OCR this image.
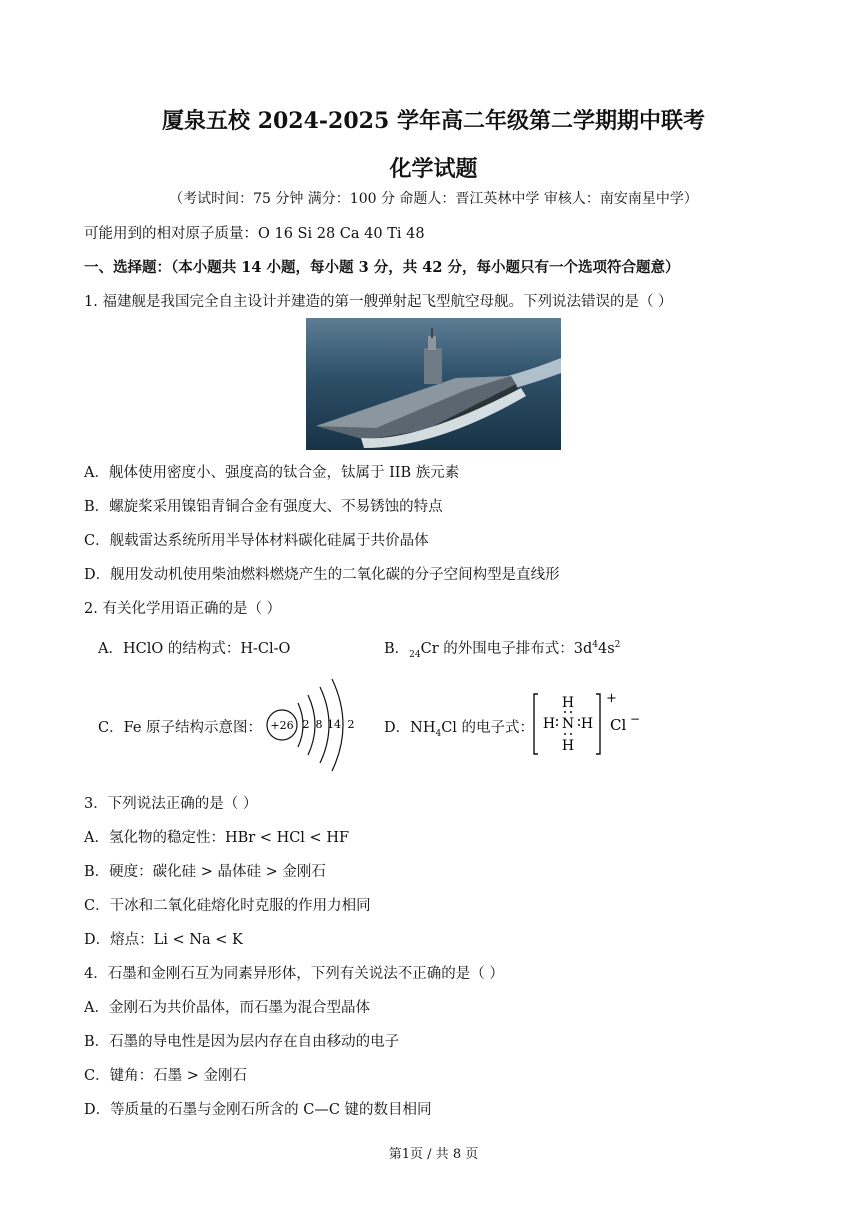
厦泉五校 2024-2025 学年高二年级第二学期期中联考
化学试题
（考试时间：75 分钟 满分：100 分 命题人：晋江英林中学 审核人：南安南星中学）
可能用到的相对原子质量：O 16 Si 28 Ca 40 Ti 48
一、选择题：（本小题共 14 小题，每小题 3 分，共 42 分，每小题只有一个选项符合题意）
1. 福建舰是我国完全自主设计并建造的第一艘弹射起飞型航空母舰。下列说法错误的是（ ）
A．舰体使用密度小、强度高的钛合金，钛属于 IIB 族元素
B．螺旋桨采用镍铝青铜合金有强度大、不易锈蚀的特点
C．舰载雷达系统所用半导体材料碳化硅属于共价晶体
D．舰用发动机使用柴油燃料燃烧产生的二氧化碳的分子空间构型是直线形
2. 有关化学用语正确的是（ ）
A．HClO 的结构式：H-Cl-O	B．$_{24}$Cr 的外围电子排布式：$3d^44s^2$
C．Fe 原子结构示意图： +26 2 8 14 2 D．$NH_4Cl$ 的电子式：
H
H N H
H
+
Cl −
3．下列说法正确的是（ ）
A．氢化物的稳定性：HBr < HCl < HF
B．硬度：碳化硅 > 晶体硅 > 金刚石
C．干冰和二氧化硅熔化时克服的作用力相同
D．熔点：Li < Na < K
4．石墨和金刚石互为同素异形体，下列有关说法不正确的是（ ）
A．金刚石为共价晶体，而石墨为混合型晶体
B．石墨的导电性是因为层内存在自由移动的电子
C．键角：石墨 > 金刚石
D．等质量的石墨与金刚石所含的 C—C 键的数目相同
第1页 / 共 8 页
